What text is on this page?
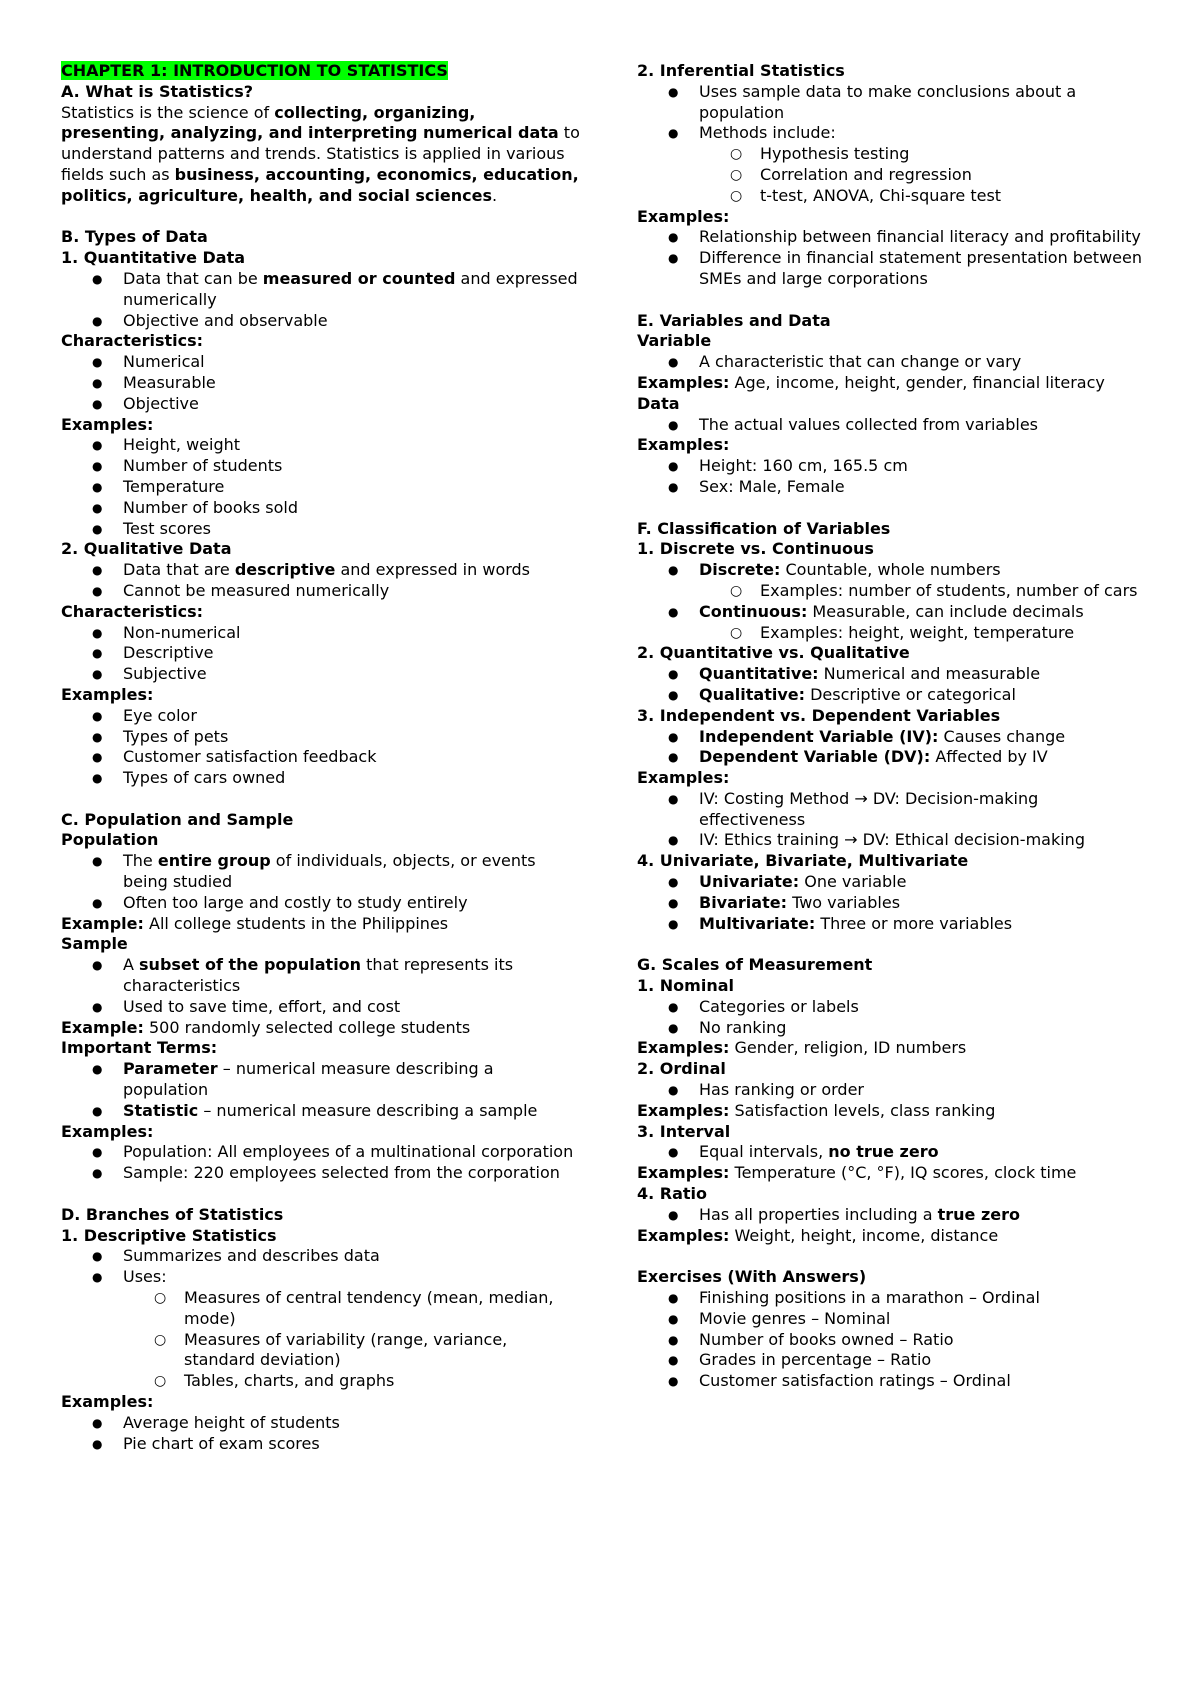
CHAPTER 1: INTRODUCTION TO STATISTICS

A. What is Statistics?

Statistics is the science of collecting, organizing, presenting, analyzing, and interpreting numerical data to understand patterns and trends. Statistics is applied in various fields such as business, accounting, economics, education, politics, agriculture, health, and social sciences.

B. Types of Data

1. Quantitative Data

● Data that can be measured or counted and expressed numerically
● Objective and observable

Characteristics:

● Numerical
● Measurable
● Objective

Examples:

● Height, weight
● Number of students
● Temperature
● Number of books sold
● Test scores

2. Qualitative Data

● Data that are descriptive and expressed in words
● Cannot be measured numerically

Characteristics:

● Non-numerical
● Descriptive
● Subjective

Examples:

● Eye color
● Types of pets
● Customer satisfaction feedback
● Types of cars owned

C. Population and Sample

Population

● The entire group of individuals, objects, or events being studied
● Often too large and costly to study entirely

Example: All college students in the Philippines

Sample

● A subset of the population that represents its characteristics
● Used to save time, effort, and cost

Example: 500 randomly selected college students

Important Terms:

● Parameter – numerical measure describing a population
● Statistic – numerical measure describing a sample

Examples:

● Population: All employees of a multinational corporation
● Sample: 220 employees selected from the corporation

D. Branches of Statistics

1. Descriptive Statistics

● Summarizes and describes data
● Uses:
○ Measures of central tendency (mean, median, mode)
○ Measures of variability (range, variance, standard deviation)
○ Tables, charts, and graphs

Examples:

● Average height of students
● Pie chart of exam scores

2. Inferential Statistics

● Uses sample data to make conclusions about a population
● Methods include:
○ Hypothesis testing
○ Correlation and regression
○ t-test, ANOVA, Chi-square test

Examples:

● Relationship between financial literacy and profitability
● Difference in financial statement presentation between SMEs and large corporations

E. Variables and Data

Variable

● A characteristic that can change or vary

Examples: Age, income, height, gender, financial literacy

Data

● The actual values collected from variables

Examples:

● Height: 160 cm, 165.5 cm
● Sex: Male, Female

F. Classification of Variables

1. Discrete vs. Continuous

● Discrete: Countable, whole numbers
○ Examples: number of students, number of cars
● Continuous: Measurable, can include decimals
○ Examples: height, weight, temperature

2. Quantitative vs. Qualitative

● Quantitative: Numerical and measurable
● Qualitative: Descriptive or categorical

3. Independent vs. Dependent Variables

● Independent Variable (IV): Causes change
● Dependent Variable (DV): Affected by IV

Examples:

● IV: Costing Method → DV: Decision-making effectiveness
● IV: Ethics training → DV: Ethical decision-making

4. Univariate, Bivariate, Multivariate

● Univariate: One variable
● Bivariate: Two variables
● Multivariate: Three or more variables

G. Scales of Measurement

1. Nominal

● Categories or labels
● No ranking

Examples: Gender, religion, ID numbers

2. Ordinal

● Has ranking or order

Examples: Satisfaction levels, class ranking

3. Interval

● Equal intervals, no true zero

Examples: Temperature (°C, °F), IQ scores, clock time

4. Ratio

● Has all properties including a true zero

Examples: Weight, height, income, distance

Exercises (With Answers)

● Finishing positions in a marathon – Ordinal
● Movie genres – Nominal
● Number of books owned – Ratio
● Grades in percentage – Ratio
● Customer satisfaction ratings – Ordinal
